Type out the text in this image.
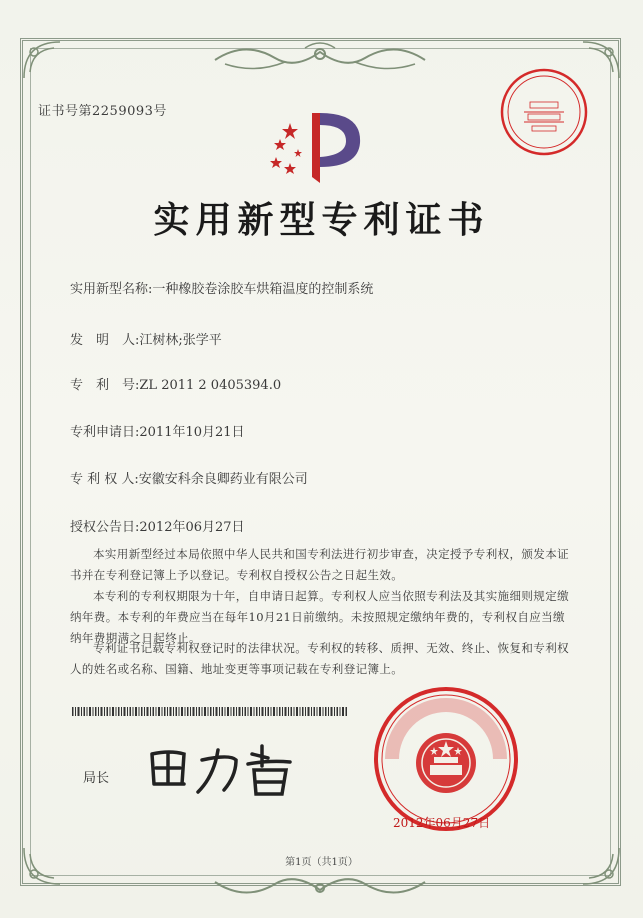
证书号第2259093号
实用新型专利证书
实用新型名称:一种橡胶卷涂胶车烘箱温度的控制系统
发　明　人:江树林;张学平
专　利　号:ZL 2011 2 0405394.0
专利申请日:2011年10月21日
专 利 权 人:安徽安科余良卿药业有限公司
授权公告日:2012年06月27日
本实用新型经过本局依照中华人民共和国专利法进行初步审查，决定授予专利权，颁发本证书并在专利登记簿上予以登记。专利权自授权公告之日起生效。
本专利的专利权期限为十年，自申请日起算。专利权人应当依照专利法及其实施细则规定缴纳年费。本专利的年费应当在每年10月21日前缴纳。未按照规定缴纳年费的，专利权自应当缴纳年费期满之日起终止。
专利证书记载专利权登记时的法律状况。专利权的转移、质押、无效、终止、恢复和专利权人的姓名或名称、国籍、地址变更等事项记载在专利登记簿上。
局长
2012年06月27日
第1页（共1页）
